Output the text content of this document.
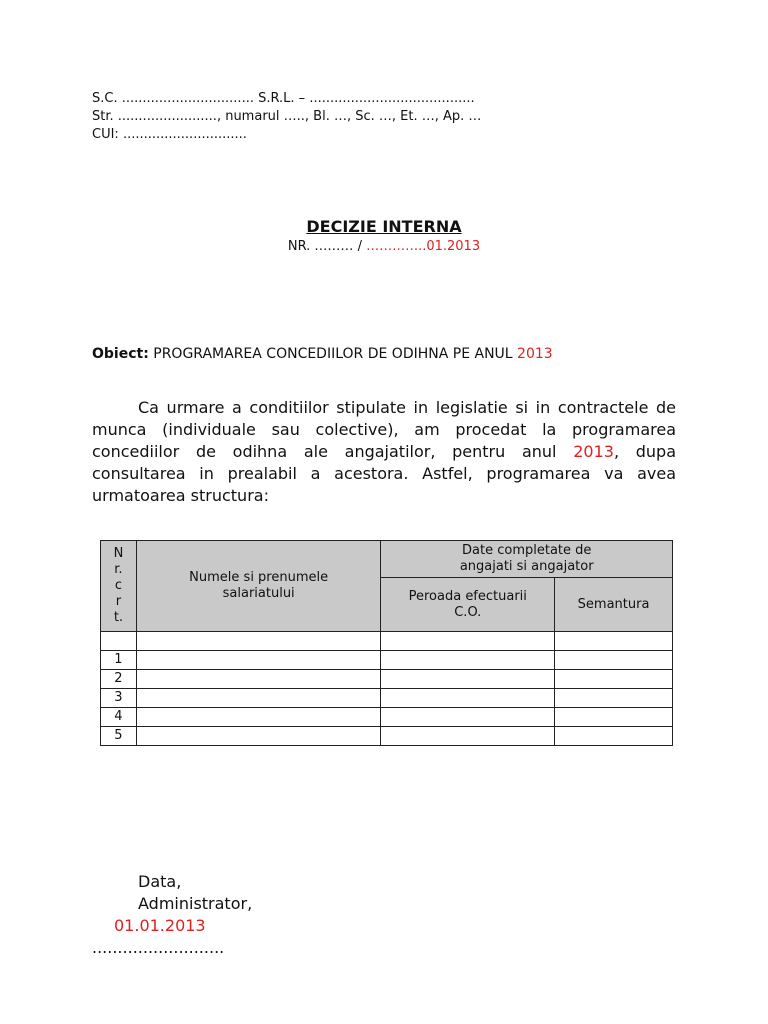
S.C. ................................ S.R.L. – ........................................
Str. ........................, numarul ….., Bl. …, Sc. …, Et. …, Ap. …
CUI: ..............................
DECIZIE INTERNA
NR. ……… / …………..01.2013
Obiect: PROGRAMAREA CONCEDIILOR DE ODIHNA PE ANUL 2013
Ca urmare a conditiilor stipulate in legislatie si in contractele de munca (individuale sau colective), am procedat la programarea concediilor de odihna ale angajatilor, pentru anul 2013, dupa consultarea in prealabil a acestora. Astfel, programarea va avea urmatoarea structura:
Nr. crt.	Numele si prenumele salariatului	Date completate de angajati si angajator	

		Peroada efectuarii C.O.	Semantura

1			
2			
3			
4			
5			
Data,
Administrator,
01.01.2013
..........................
